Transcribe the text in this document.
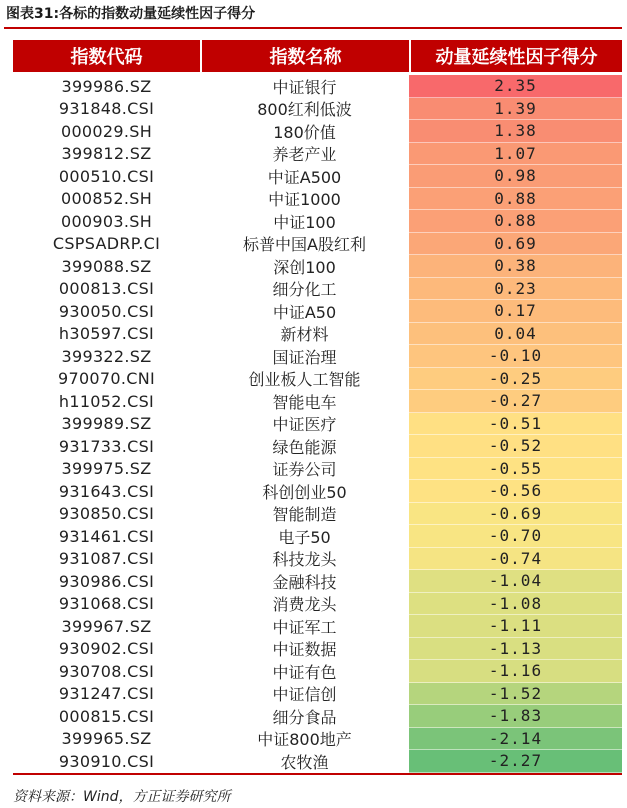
图表31:各标的指数动量延续性因子得分
指数代码	指数名称	动量延续性因子得分
399986.SZ	中证银行	2.35
931848.CSI	800红利低波	1.39
000029.SH	180价值	1.38
399812.SZ	养老产业	1.07
000510.CSI	中证A500	0.98
000852.SH	中证1000	0.88
000903.SH	中证100	0.88
CSPSADRP.CI	标普中国A股红利	0.69
399088.SZ	深创100	0.38
000813.CSI	细分化工	0.23
930050.CSI	中证A50	0.17
h30597.CSI	新材料	0.04
399322.SZ	国证治理	-0.10
970070.CNI	创业板人工智能	-0.25
h11052.CSI	智能电车	-0.27
399989.SZ	中证医疗	-0.51
931733.CSI	绿色能源	-0.52
399975.SZ	证券公司	-0.55
931643.CSI	科创创业50	-0.56
930850.CSI	智能制造	-0.69
931461.CSI	电子50	-0.70
931087.CSI	科技龙头	-0.74
930986.CSI	金融科技	-1.04
931068.CSI	消费龙头	-1.08
399967.SZ	中证军工	-1.11
930902.CSI	中证数据	-1.13
930708.CSI	中证有色	-1.16
931247.CSI	中证信创	-1.52
000815.CSI	细分食品	-1.83
399965.SZ	中证800地产	-2.14
930910.CSI	农牧渔	-2.27
资料来源：Wind，方正证券研究所
